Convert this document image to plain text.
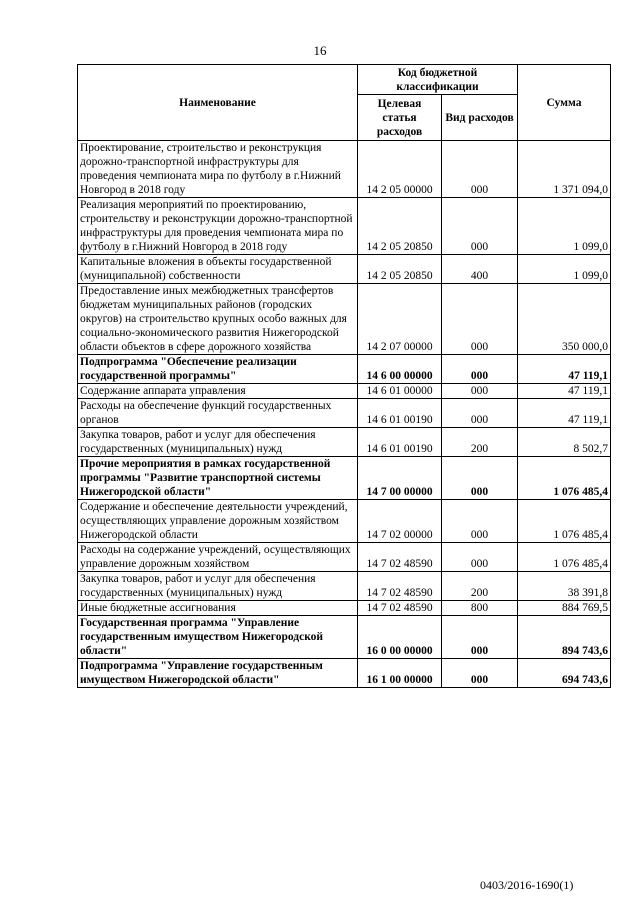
16
Наименование	Код бюджетной классификации		Сумма
	Целевая статья расходов	Вид расходов	
Проектирование, строительство и реконструкция дорожно-транспортной инфраструктуры для проведения чемпионата мира по футболу в г.Нижний Новгород в 2018 году	14 2 05 00000	000	1 371 094,0
Реализация мероприятий по проектированию, строительству и реконструкции дорожно-транспортной инфраструктуры для проведения чемпионата мира по футболу в г.Нижний Новгород в 2018 году	14 2 05 20850	000	1 099,0
Капитальные вложения в объекты государственной (муниципальной) собственности	14 2 05 20850	400	1 099,0
Предоставление иных межбюджетных трансфертов бюджетам муниципальных районов (городских округов) на строительство крупных особо важных для социально-экономического развития Нижегородской области объектов в сфере дорожного хозяйства	14 2 07 00000	000	350 000,0
Подпрограмма "Обеспечение реализации государственной программы"	14 6 00 00000	000	47 119,1
Содержание аппарата управления	14 6 01 00000	000	47 119,1
Расходы на обеспечение функций государственных органов	14 6 01 00190	000	47 119,1
Закупка товаров, работ и услуг для обеспечения государственных (муниципальных) нужд	14 6 01 00190	200	8 502,7
Прочие мероприятия в рамках государственной программы "Развитие транспортной системы Нижегородской области"	14 7 00 00000	000	1 076 485,4
Содержание и обеспечение деятельности учреждений, осуществляющих управление дорожным хозяйством Нижегородской области	14 7 02 00000	000	1 076 485,4
Расходы на содержание учреждений, осуществляющих управление дорожным хозяйством	14 7 02 48590	000	1 076 485,4
Закупка товаров, работ и услуг для обеспечения государственных (муниципальных) нужд	14 7 02 48590	200	38 391,8
Иные бюджетные ассигнования	14 7 02 48590	800	884 769,5
Государственная программа "Управление государственным имуществом Нижегородской области"	16 0 00 00000	000	894 743,6
Подпрограмма "Управление государственным имуществом Нижегородской области"	16 1 00 00000	000	694 743,6
0403/2016-1690(1)
